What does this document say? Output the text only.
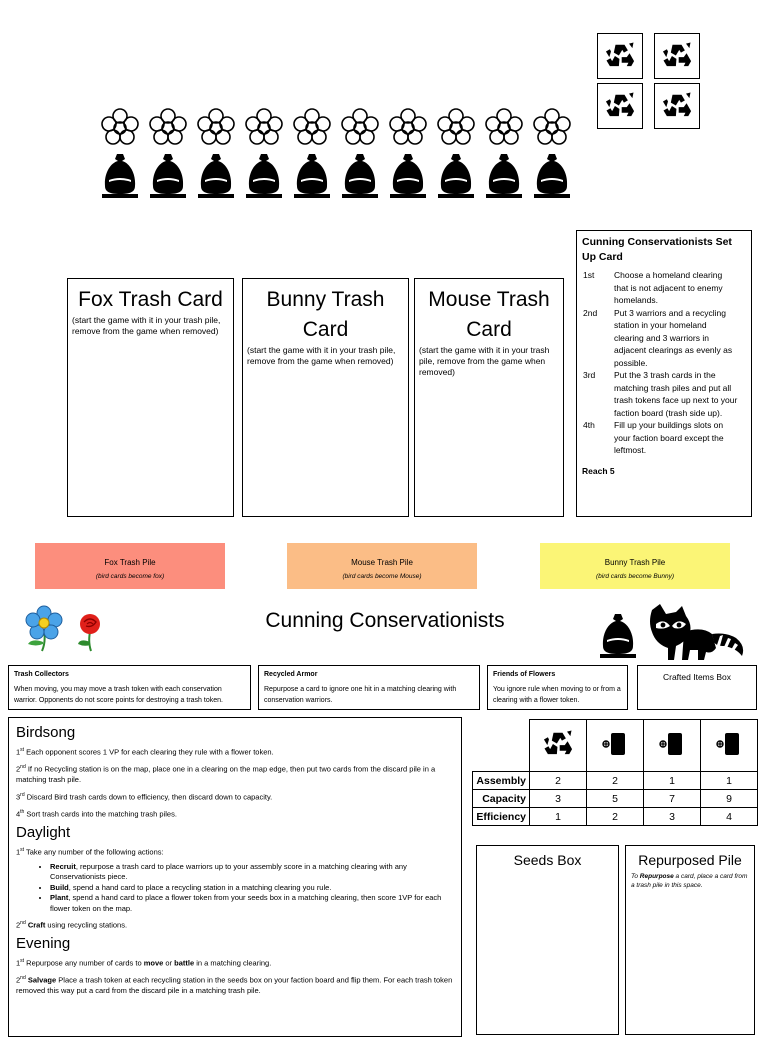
Fox Trash Card
(start the game with it in your trash pile, remove from the game when removed)
Bunny Trash Card
(start the game with it in your trash pile, remove from the game when removed)
Mouse Trash Card
(start the game with it in your trash pile, remove from the game when removed)
Cunning Conservationists Set Up Card
1st	Choose a homeland clearing that is not adjacent to enemy homelands.
2nd	Put 3 warriors and a recycling station in your homeland clearing and 3 warriors in adjacent clearings as evenly as possible.
3rd	Put the 3 trash cards in the matching trash piles and put all trash tokens face up next to your faction board (trash side up).
4th	Fill up your buildings slots on your faction board except the leftmost.
Reach 5
Fox Trash Pile
(bird cards become fox)
Mouse Trash Pile
(bird cards become Mouse)
Bunny Trash Pile
(bird cards become Bunny)
Cunning Conservationists
Trash Collectors
When moving, you may move a trash token with each conservation warrior. Opponents do not score points for destroying a trash token.
Recycled Armor
Repurpose a card to ignore one hit in a matching clearing with conservation warriors.
Friends of Flowers
You ignore rule when moving to or from a clearing with a flower token.
Crafted Items Box
Birdsong
1st Each opponent scores 1 VP for each clearing they rule with a flower token.
2nd If no Recycling station is on the map, place one in a clearing on the map edge, then put two cards from the discard pile in a matching trash pile.
3rd Discard Bird trash cards down to efficiency, then discard down to capacity.
4th Sort trash cards into the matching trash piles.
Daylight
1st Take any number of the following actions:
• Recruit, repurpose a trash card to place warriors up to your assembly score in a matching clearing with any Conservationists piece.
• Build, spend a hand card to place a recycling station in a matching clearing you rule.
• Plant, spend a hand card to place a flower token from your seeds box in a matching clearing, then score 1VP for each flower token on the map.
2nd Craft using recycling stations.
Evening
1st Repurpose any number of cards to move or battle in a matching clearing.
2nd Salvage Place a trash token at each recycling station in the seeds box on your faction board and flip them. For each trash token removed this way put a card from the discard pile in a matching trash pile.

Assembly	2	2	1	1
Capacity	3	5	7	9
Efficiency	1	2	3	4
Seeds Box	Repurposed Pile
To Repurpose a card, place a card from a trash pile in this space.
